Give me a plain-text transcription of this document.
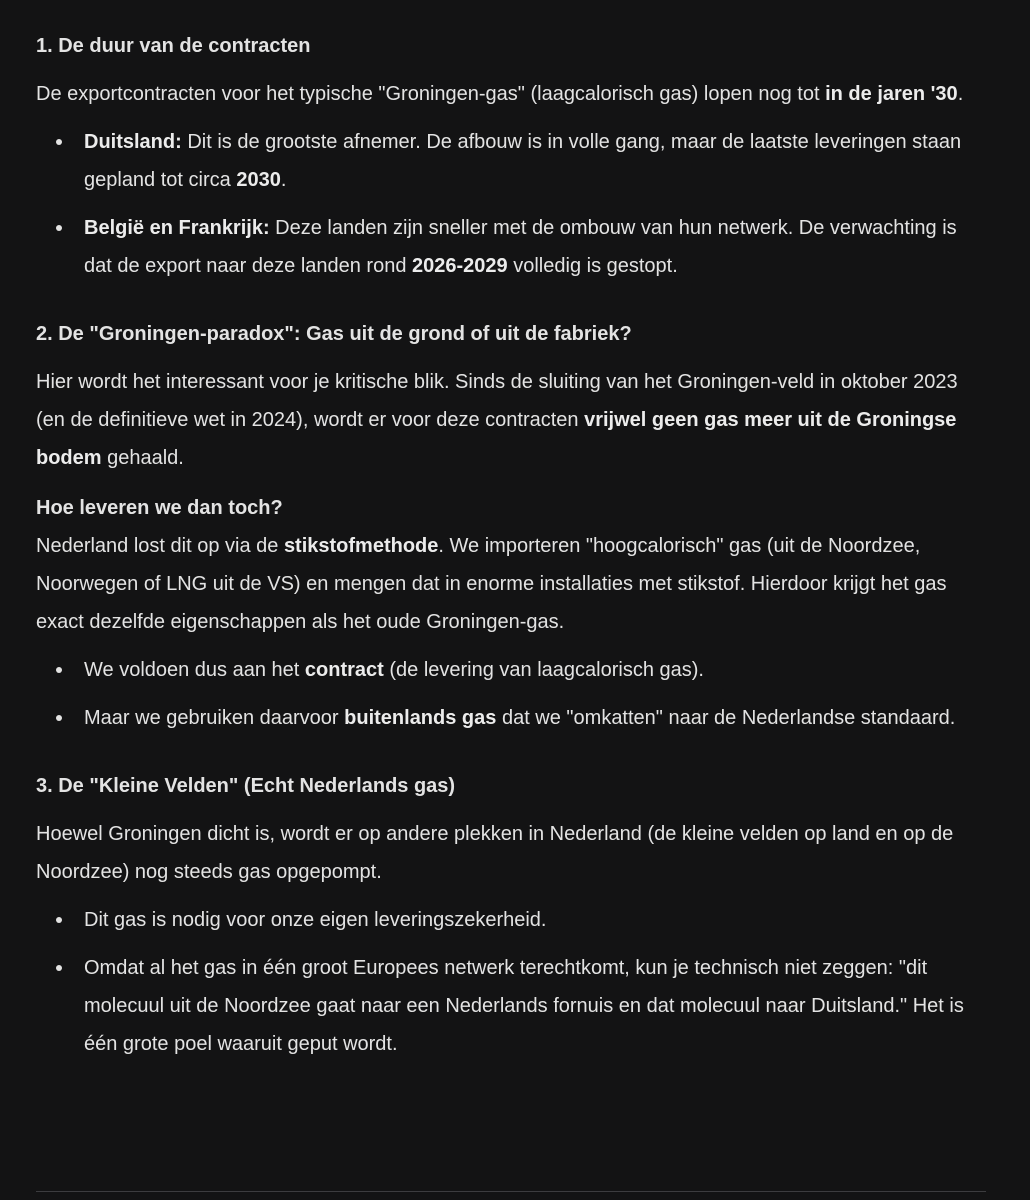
1. De duur van de contracten

De exportcontracten voor het typische "Groningen-gas" (laagcalorisch gas) lopen nog tot in de jaren '30.

Duitsland: Dit is de grootste afnemer. De afbouw is in volle gang, maar de laatste leveringen staan gepland tot circa 2030.
België en Frankrijk: Deze landen zijn sneller met de ombouw van hun netwerk. De verwachting is dat de export naar deze landen rond 2026-2029 volledig is gestopt.
2. De "Groningen-paradox": Gas uit de grond of uit de fabriek?

Hier wordt het interessant voor je kritische blik. Sinds de sluiting van het Groningen-veld in oktober 2023 (en de definitieve wet in 2024), wordt er voor deze contracten vrijwel geen gas meer uit de Groningse bodem gehaald.

Hoe leveren we dan toch?

Nederland lost dit op via de stikstofmethode. We importeren "hoogcalorisch" gas (uit de Noordzee, Noorwegen of LNG uit de VS) en mengen dat in enorme installaties met stikstof. Hierdoor krijgt het gas exact dezelfde eigenschappen als het oude Groningen-gas.

We voldoen dus aan het contract (de levering van laagcalorisch gas).
Maar we gebruiken daarvoor buitenlands gas dat we "omkatten" naar de Nederlandse standaard.
3. De "Kleine Velden" (Echt Nederlands gas)

Hoewel Groningen dicht is, wordt er op andere plekken in Nederland (de kleine velden op land en op de Noordzee) nog steeds gas opgepompt.

Dit gas is nodig voor onze eigen leveringszekerheid.
Omdat al het gas in één groot Europees netwerk terechtkomt, kun je technisch niet zeggen: "dit molecuul uit de Noordzee gaat naar een Nederlands fornuis en dat molecuul naar Duitsland." Het is één grote poel waaruit geput wordt.
